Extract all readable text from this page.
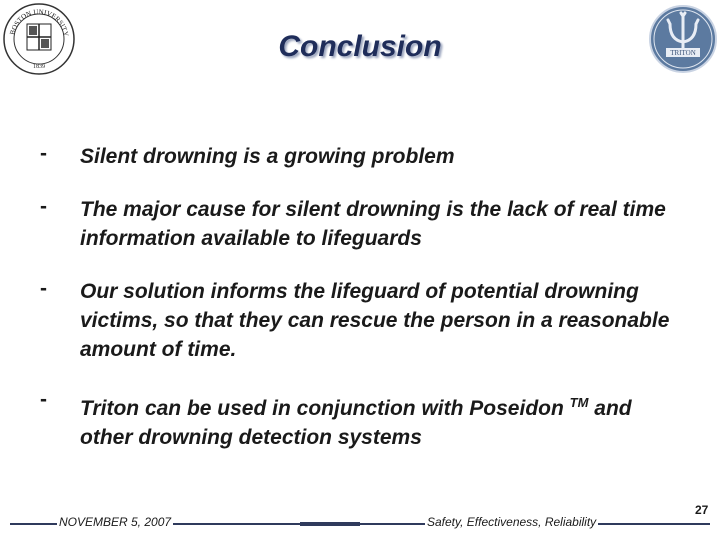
BOSTON UNIVERSITY
1839
TRITON
Conclusion
- Silent drowning is a growing problem
- The major cause for silent drowning is the lack of real time information available to lifeguards
- Our solution informs the lifeguard of potential drowning victims, so that they can rescue the person in a reasonable amount of time.
- Triton can be used in conjunction with Poseidon ™ and other drowning detection systems
NOVEMBER 5, 2007	Safety, Effectiveness, Reliability
27
